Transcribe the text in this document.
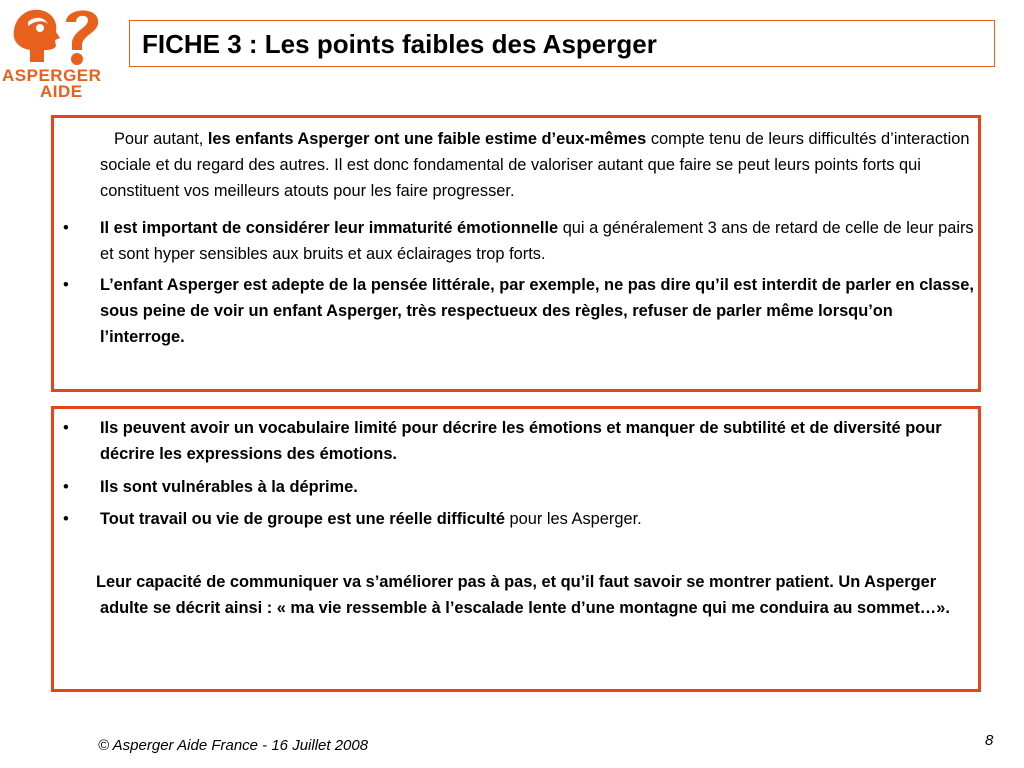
ASPERGER
AIDE
FICHE 3 : Les points faibles des Asperger

Pour autant, les enfants Asperger ont une faible estime d’eux-mêmes compte tenu de leurs difficultés d’interaction sociale et du regard des autres. Il est donc fondamental de valoriser autant que faire se peut leurs points forts qui constituent vos meilleurs atouts pour les faire progresser.

• Il est important de considérer leur immaturité émotionnelle qui a généralement 3 ans de retard de celle de leur pairs et sont hyper sensibles aux bruits et aux éclairages trop forts.

• L’enfant Asperger est adepte de la pensée littérale, par exemple, ne pas dire qu’il est interdit de parler en classe, sous peine de voir un enfant Asperger, très respectueux des règles, refuser de parler même lorsqu’on l’interroge.

• Ils peuvent avoir un vocabulaire limité pour décrire les émotions et manquer de subtilité et de diversité pour décrire les expressions des émotions.

• Ils sont vulnérables à la déprime.

• Tout travail ou vie de groupe est une réelle difficulté pour les Asperger.

Leur capacité de communiquer va s’améliorer pas à pas, et qu’il faut savoir se montrer patient. Un Asperger adulte se décrit ainsi : « ma vie ressemble à l’escalade lente d’une montagne qui me conduira au sommet…».

© Asperger Aide France - 16 Juillet 2008	8
